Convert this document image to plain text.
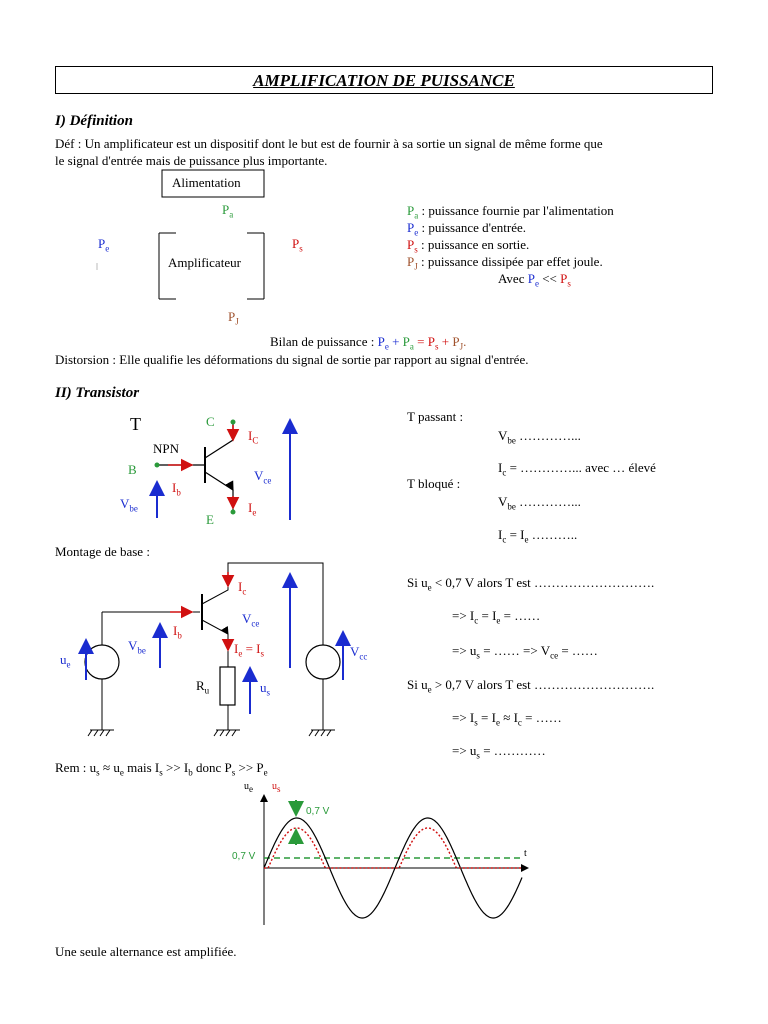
AMPLIFICATION DE PUISSANCE
I) Définition
Déf : Un amplificateur est un dispositif dont le but est de fournir à sa sortie un signal de même forme que
le signal d'entrée mais de puissance plus importante.
Alimentation
Amplificateur
$P_a$
$P_e$	$P_s$
$P_J$
$P_a$ : puissance fournie par l'alimentation
$P_e$ : puissance d'entrée.
$P_s$ : puissance en sortie.
$P_J$ : puissance dissipée par effet joule.
Avec $P_e << P_s$
Bilan de puissance : $P_e + P_a = P_s + P_J$.
Distorsion : Elle qualifie les déformations du signal de sortie par rapport au signal d'entrée.
II) Transistor
T
NPN
B
C
E
$I_C$
$I_b$
$I_e$
$V_{be}$
$V_{ce}$
T passant :
$V_{be}$ …………...
$I_c$ = …………... avec … élevé
T bloqué :
$V_{be}$ …………...
$I_c = I_e$ ………..
Montage de base :
$I_c$
$I_b$
$I_e = I_s$
$V_{ce}$
$V_{be}$
$u_e$
$u_s$
$R_u$
$V_{cc}$
Si $u_e < 0,7$ V alors T est ……………………….
=> $I_c = I_e$ = ……
=> $u_s$ = …… => $V_{ce}$ = ……
Si $u_e > 0,7$ V alors T est ……………………….
=> $I_s = I_e \approx I_c$ = ……
=> $u_s$ = …………
Rem : $u_s \approx u_e$ mais $I_s >> I_b$ donc $P_s >> P_e$
$u_e$ $u_s$
t
0,7 V
0,7 V
Une seule alternance est amplifiée.
